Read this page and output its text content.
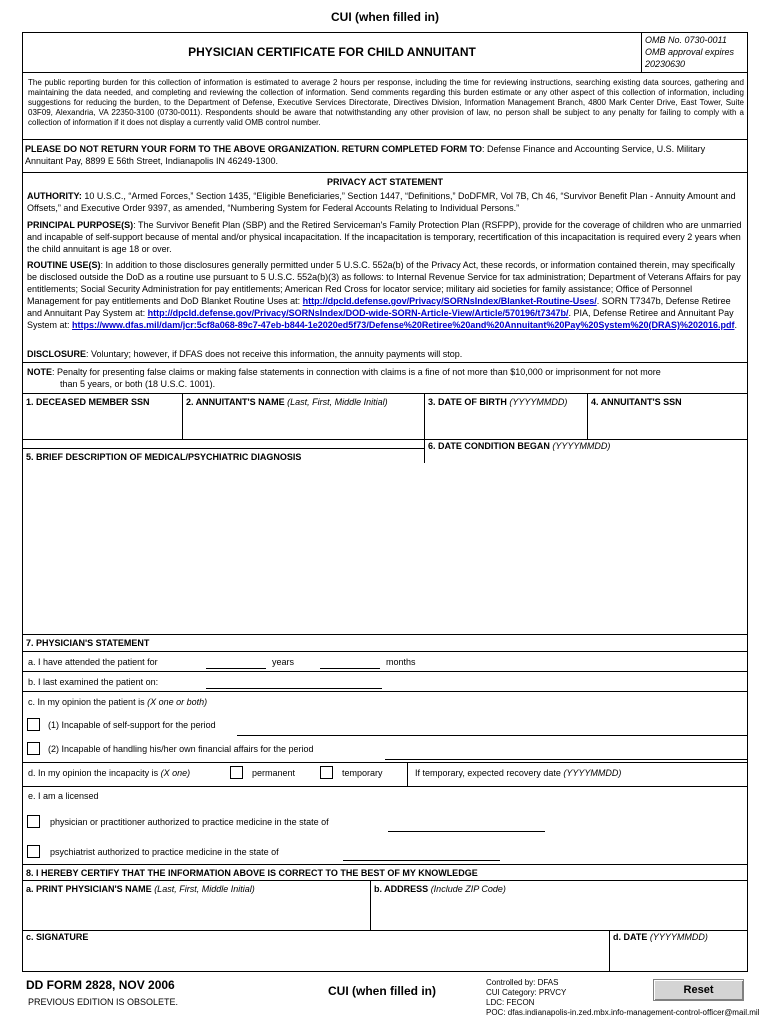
CUI (when filled in)
PHYSICIAN CERTIFICATE FOR CHILD ANNUITANT
OMB No. 0730-0011
OMB approval expires
20230630
The public reporting burden for this collection of information is estimated to average 2 hours per response, including the time for reviewing instructions, searching existing data sources, gathering and maintaining the data needed, and completing and reviewing the collection of information. Send comments regarding this burden estimate or any other aspect of this collection of information, including suggestions for reducing the burden, to the Department of Defense, Executive Services Directorate, Directives Division, Information Management Branch, 4800 Mark Center Drive, East Tower, Suite 03F09, Alexandria, VA 22350-3100 (0730-0011). Respondents should be aware that notwithstanding any other provision of law, no person shall be subject to any penalty for failing to comply with a collection of information if it does not display a currently valid OMB control number.
PLEASE DO NOT RETURN YOUR FORM TO THE ABOVE ORGANIZATION. RETURN COMPLETED FORM TO: Defense Finance and Accounting Service, U.S. Military Annuitant Pay, 8899 E 56th Street, Indianapolis IN 46249-1300.
PRIVACY ACT STATEMENT
AUTHORITY: 10 U.S.C., “Armed Forces,” Section 1435, “Eligible Beneficiaries,” Section 1447, “Definitions,” DoDFMR, Vol 7B, Ch 46, “Survivor Benefit Plan - Annuity Amount and Offsets,” and Executive Order 9397, as amended, “Numbering System for Federal Accounts Relating to Individual Persons.”
PRINCIPAL PURPOSE(S): The Survivor Benefit Plan (SBP) and the Retired Serviceman's Family Protection Plan (RSFPP), provide for the coverage of children who are unmarried and incapable of self-support because of mental and/or physical incapacitation. If the incapacitation is temporary, recertification of this incapacitation is required every 2 years when the child annuitant is age 18 or over.
ROUTINE USE(S): In addition to those disclosures generally permitted under 5 U.S.C. 552a(b) of the Privacy Act, these records, or information contained therein, may specifically be disclosed outside the DoD as a routine use pursuant to 5 U.S.C. 552a(b)(3) as follows: to Internal Revenue Service for tax administration; Department of Veterans Affairs for pay entitlements; Social Security Administration for pay entitlements; American Red Cross for locator service; military aid societies for family assistance; Office of Personnel Management for pay entitlements and DoD Blanket Routine Uses at: http://dpcld.defense.gov/Privacy/SORNsIndex/Blanket-Routine-Uses/. SORN T7347b, Defense Retiree and Annuitant Pay System at: http://dpcld.defense.gov/Privacy/SORNsIndex/DOD-wide-SORN-Article-View/Article/570196/t7347b/. PIA, Defense Retiree and Annuitant Pay System at: https://www.dfas.mil/dam/jcr:5cf8a068-89c7-47eb-b844-1e2020ed5f73/Defense%20Retiree%20and%20Annuitant%20Pay%20System%20(DRAS)%202016.pdf.
DISCLOSURE: Voluntary; however, if DFAS does not receive this information, the annuity payments will stop.
NOTE: Penalty for presenting false claims or making false statements in connection with claims is a fine of not more than $10,000 or imprisonment for not more
than 5 years, or both (18 U.S.C. 1001).
1. DECEASED MEMBER SSN	2. ANNUITANT'S NAME (Last, First, Middle Initial)	3. DATE OF BIRTH (YYYYMMDD)	4. ANNUITANT'S SSN
6. DATE CONDITION BEGAN (YYYYMMDD)
5. BRIEF DESCRIPTION OF MEDICAL/PSYCHIATRIC DIAGNOSIS
7. PHYSICIAN'S STATEMENT
a. I have attended the patient for	years	months
b. I last examined the patient on:
c. In my opinion the patient is (X one or both)
(1) Incapable of self-support for the period
(2) Incapable of handling his/her own financial affairs for the period
d. In my opinion the incapacity is (X one)	permanent	temporary	If temporary, expected recovery date (YYYYMMDD)
e. I am a licensed
physician or practitioner authorized to practice medicine in the state of
psychiatrist authorized to practice medicine in the state of
8. I HEREBY CERTIFY THAT THE INFORMATION ABOVE IS CORRECT TO THE BEST OF MY KNOWLEDGE
a. PRINT PHYSICIAN'S NAME (Last, First, Middle Initial)	b. ADDRESS (Include ZIP Code)
c. SIGNATURE	d. DATE (YYYYMMDD)
DD FORM 2828, NOV 2006
PREVIOUS EDITION IS OBSOLETE.
CUI (when filled in)
Controlled by: DFAS
CUI Category: PRVCY
LDC: FECON
POC: dfas.indianapolis-in.zed.mbx.info-management-control-officer@mail.mil
Reset
